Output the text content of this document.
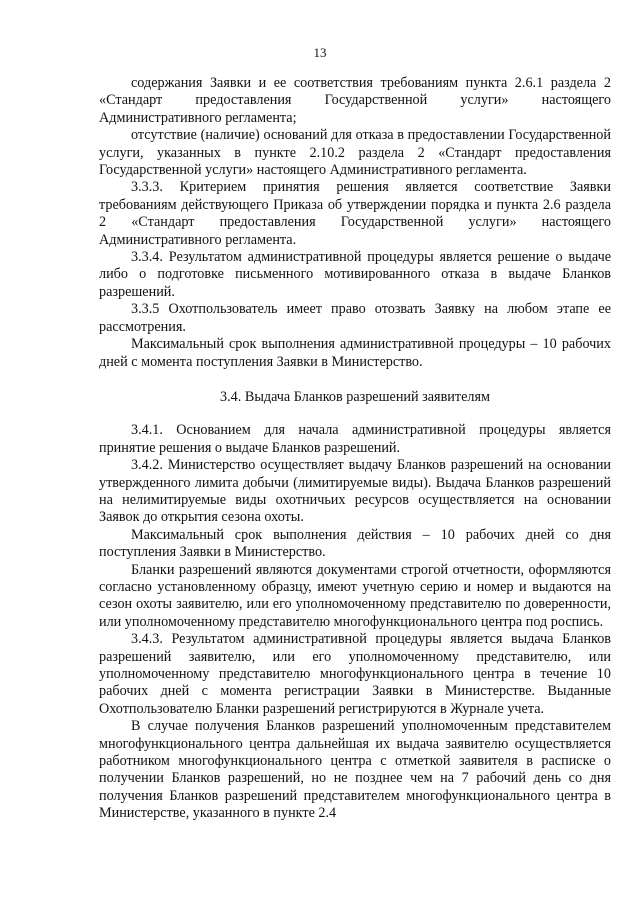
13

содержания Заявки и ее соответствия требованиям пункта 2.6.1 раздела 2 «Стандарт предоставления Государственной услуги» настоящего Административного регламента;

отсутствие (наличие) оснований для отказа в предоставлении Государственной услуги, указанных в пункте 2.10.2 раздела 2 «Стандарт предоставления Государственной услуги» настоящего Административного регламента.

3.3.3. Критерием принятия решения является соответствие Заявки требованиям действующего Приказа об утверждении порядка и пункта 2.6 раздела 2 «Стандарт предоставления Государственной услуги» настоящего Административного регламента.

3.3.4. Результатом административной процедуры является решение о выдаче либо о подготовке письменного мотивированного отказа в выдаче Бланков разрешений.

3.3.5 Охотпользователь имеет право отозвать Заявку на любом этапе ее рассмотрения.

Максимальный срок выполнения административной процедуры – 10 рабочих дней с момента поступления Заявки в Министерство.

3.4. Выдача Бланков разрешений заявителям

3.4.1. Основанием для начала административной процедуры является принятие решения о выдаче Бланков разрешений.

3.4.2. Министерство осуществляет выдачу Бланков разрешений на основании утвержденного лимита добычи (лимитируемые виды). Выдача Бланков разрешений на нелимитируемые виды охотничьих ресурсов осуществляется на основании Заявок до открытия сезона охоты.

Максимальный срок выполнения действия – 10 рабочих дней со дня поступления Заявки в Министерство.

Бланки разрешений являются документами строгой отчетности, оформляются согласно установленному образцу, имеют учетную серию и номер и выдаются на сезон охоты заявителю, или его уполномоченному представителю по доверенности, или уполномоченному представителю многофункционального центра под роспись.

3.4.3. Результатом административной процедуры является выдача Бланков разрешений заявителю, или его уполномоченному представителю, или уполномоченному представителю многофункционального центра в течение 10 рабочих дней с момента регистрации Заявки в Министерстве. Выданные Охотпользователю Бланки разрешений регистрируются в Журнале учета.

В случае получения Бланков разрешений уполномоченным представителем многофункционального центра дальнейшая их выдача заявителю осуществляется работником многофункционального центра с отметкой заявителя в расписке о получении Бланков разрешений, но не позднее чем на 7 рабочий день со дня получения Бланков разрешений представителем многофункционального центра в Министерстве, указанного в пункте 2.4
